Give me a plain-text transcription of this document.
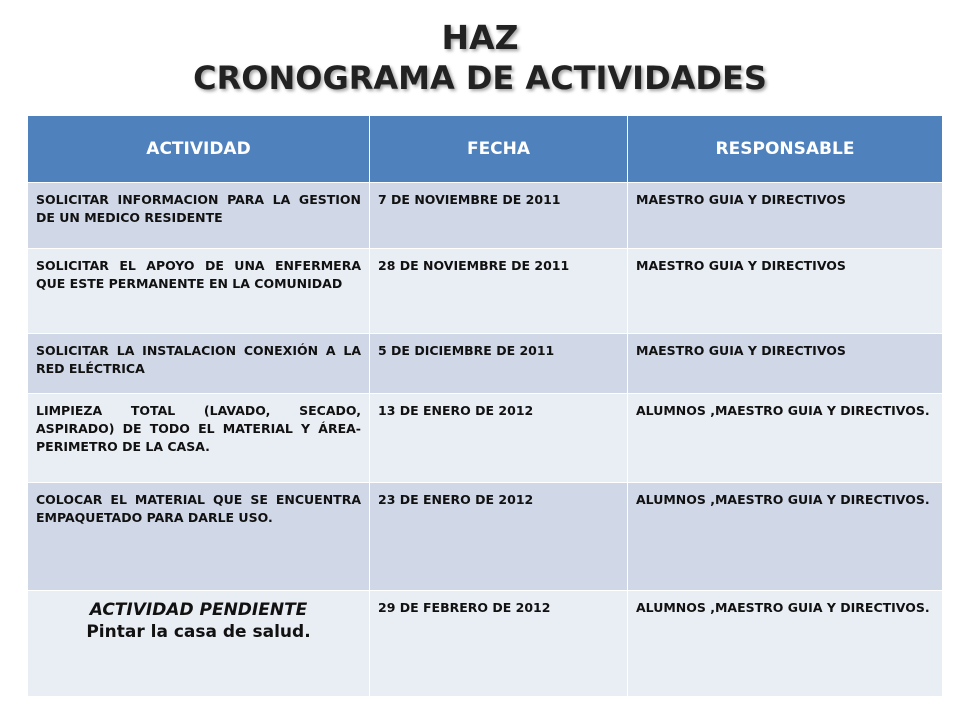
HAZ
CRONOGRAMA DE ACTIVIDADES
ACTIVIDAD	FECHA	RESPONSABLE
SOLICITAR INFORMACION PARA LA GESTION DE UN MEDICO RESIDENTE	7 DE NOVIEMBRE DE 2011	MAESTRO GUIA Y DIRECTIVOS
SOLICITAR EL APOYO DE UNA ENFERMERA QUE ESTE PERMANENTE EN LA COMUNIDAD	28 DE NOVIEMBRE DE 2011	MAESTRO GUIA Y DIRECTIVOS
SOLICITAR LA INSTALACION CONEXIÓN A LA RED ELÉCTRICA	5 DE DICIEMBRE DE 2011	MAESTRO GUIA Y DIRECTIVOS
LIMPIEZA TOTAL (LAVADO, SECADO, ASPIRADO) DE TODO EL MATERIAL Y ÁREA-PERIMETRO DE LA CASA.	13 DE ENERO DE 2012	ALUMNOS ,MAESTRO GUIA Y DIRECTIVOS.
COLOCAR EL MATERIAL QUE SE ENCUENTRA EMPAQUETADO PARA DARLE USO.	23 DE ENERO DE 2012	ALUMNOS ,MAESTRO GUIA Y DIRECTIVOS.

ACTIVIDAD PENDIENTE
Pintar la casa de salud.	29 DE FEBRERO DE 2012	ALUMNOS ,MAESTRO GUIA Y DIRECTIVOS.
